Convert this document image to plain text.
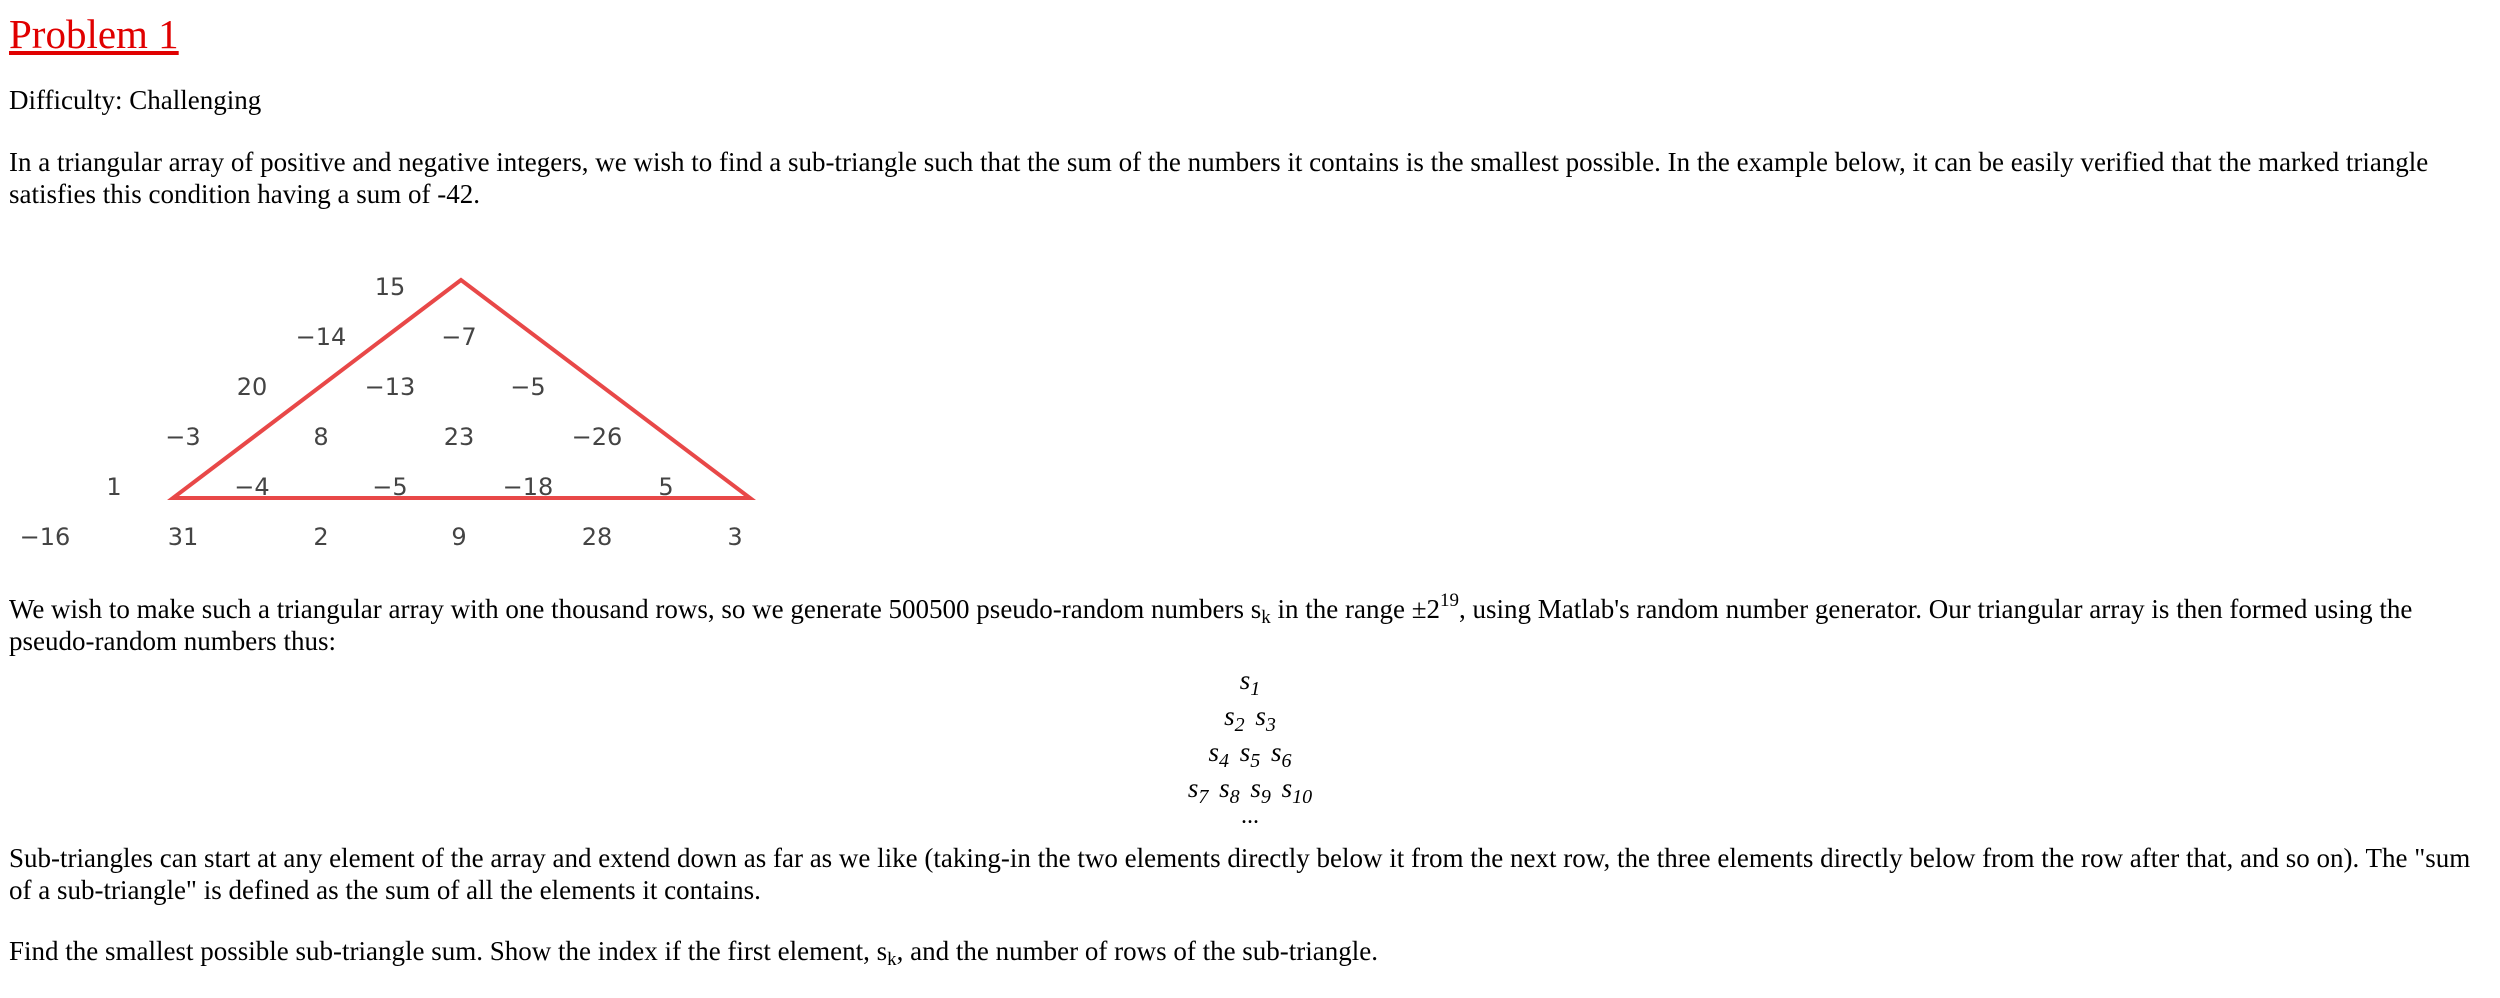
Problem 1

Difficulty: Challenging

In a triangular array of positive and negative integers, we wish to find a sub-triangle such that the sum of the numbers it contains is the smallest possible. In the example below, it can be easily verified that the marked triangle satisfies this condition having a sum of -42.

15
−14	−7
20	−13	−5
−3	8	23	−26
1	−4	−5	−18	5
−16	31	2	9	28	3

We wish to make such a triangular array with one thousand rows, so we generate 500500 pseudo-random numbers $s_k$ in the range $\pm 2^{19}$, using Matlab's random number generator. Our triangular array is then formed using the pseudo-random numbers thus:

$s_1$
$s_2$ $s_3$
$s_4$ $s_5$ $s_6$
$s_7$ $s_8$ $s_9$ $s_{10}$
...

Sub-triangles can start at any element of the array and extend down as far as we like (taking-in the two elements directly below it from the next row, the three elements directly below from the row after that, and so on). The "sum of a sub-triangle" is defined as the sum of all the elements it contains.

Find the smallest possible sub-triangle sum. Show the index if the first element, $s_k$, and the number of rows of the sub-triangle.
